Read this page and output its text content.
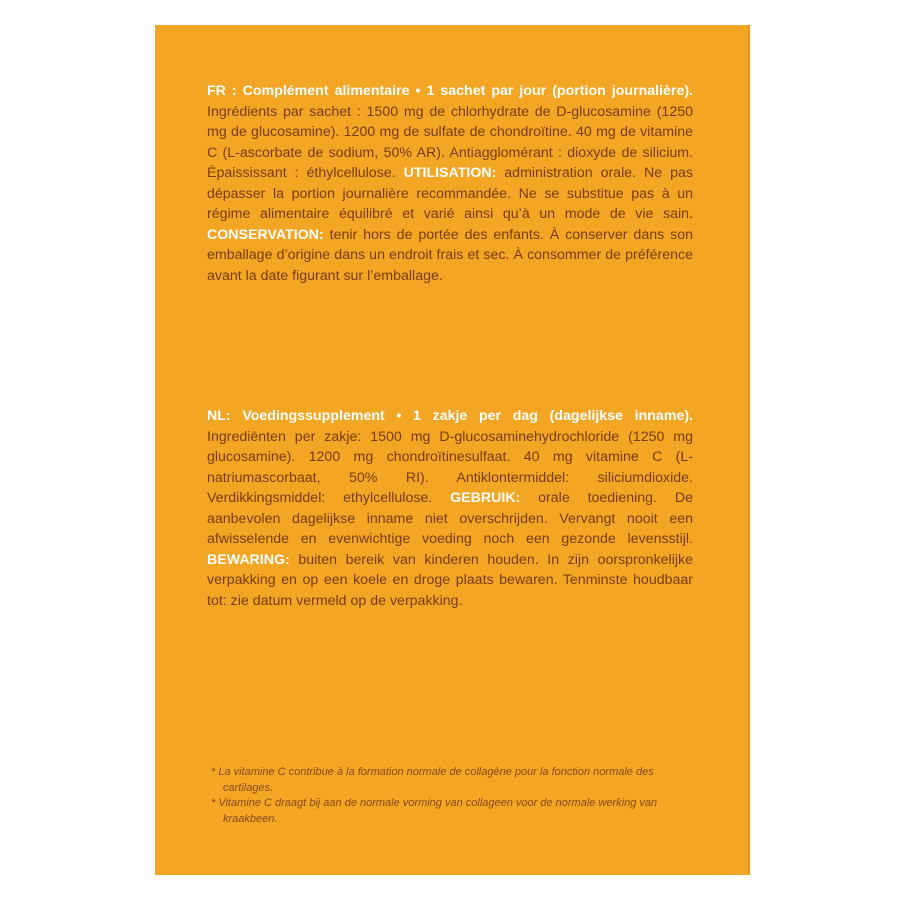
FR : Complément alimentaire • 1 sachet par jour (portion journalière). Ingrédients par sachet : 1500 mg de chlorhydrate de D-glucosamine (1250 mg de glucosamine). 1200 mg de sulfate de chondroïtine. 40 mg de vitamine C (L-ascorbate de sodium, 50% AR). Antiagglomérant : dioxyde de silicium. Épaississant : éthylcellulose. UTILISATION: administration orale. Ne pas dépasser la portion journalière recommandée. Ne se substitue pas à un régime alimentaire équilibré et varié ainsi qu’à un mode de vie sain. CONSERVATION: tenir hors de portée des enfants. À conserver dans son emballage d’origine dans un endroit frais et sec. À consommer de préférence avant la date figurant sur l’emballage.
NL: Voedingssupplement • 1 zakje per dag (dagelijkse inname). Ingrediënten per zakje: 1500 mg D-glucosaminehydrochloride (1250 mg glucosamine). 1200 mg chondroïtinesulfaat. 40 mg vitamine C (L-natriumascorbaat, 50% RI). Antiklontermiddel: siliciumdioxide. Verdikkingsmiddel: ethylcellulose. GEBRUIK: orale toediening. De aanbevolen dagelijkse inname niet overschrijden. Vervangt nooit een afwisselende en evenwichtige voeding noch een gezonde levensstijl. BEWARING: buiten bereik van kinderen houden. In zijn oorspronkelijke verpakking en op een koele en droge plaats bewaren. Tenminste houdbaar tot: zie datum vermeld op de verpakking.
* La vitamine C contribue à la formation normale de collagène pour la fonction normale des cartilages.
* Vitamine C draagt bij aan de normale vorming van collageen voor de normale werking van kraakbeen.
